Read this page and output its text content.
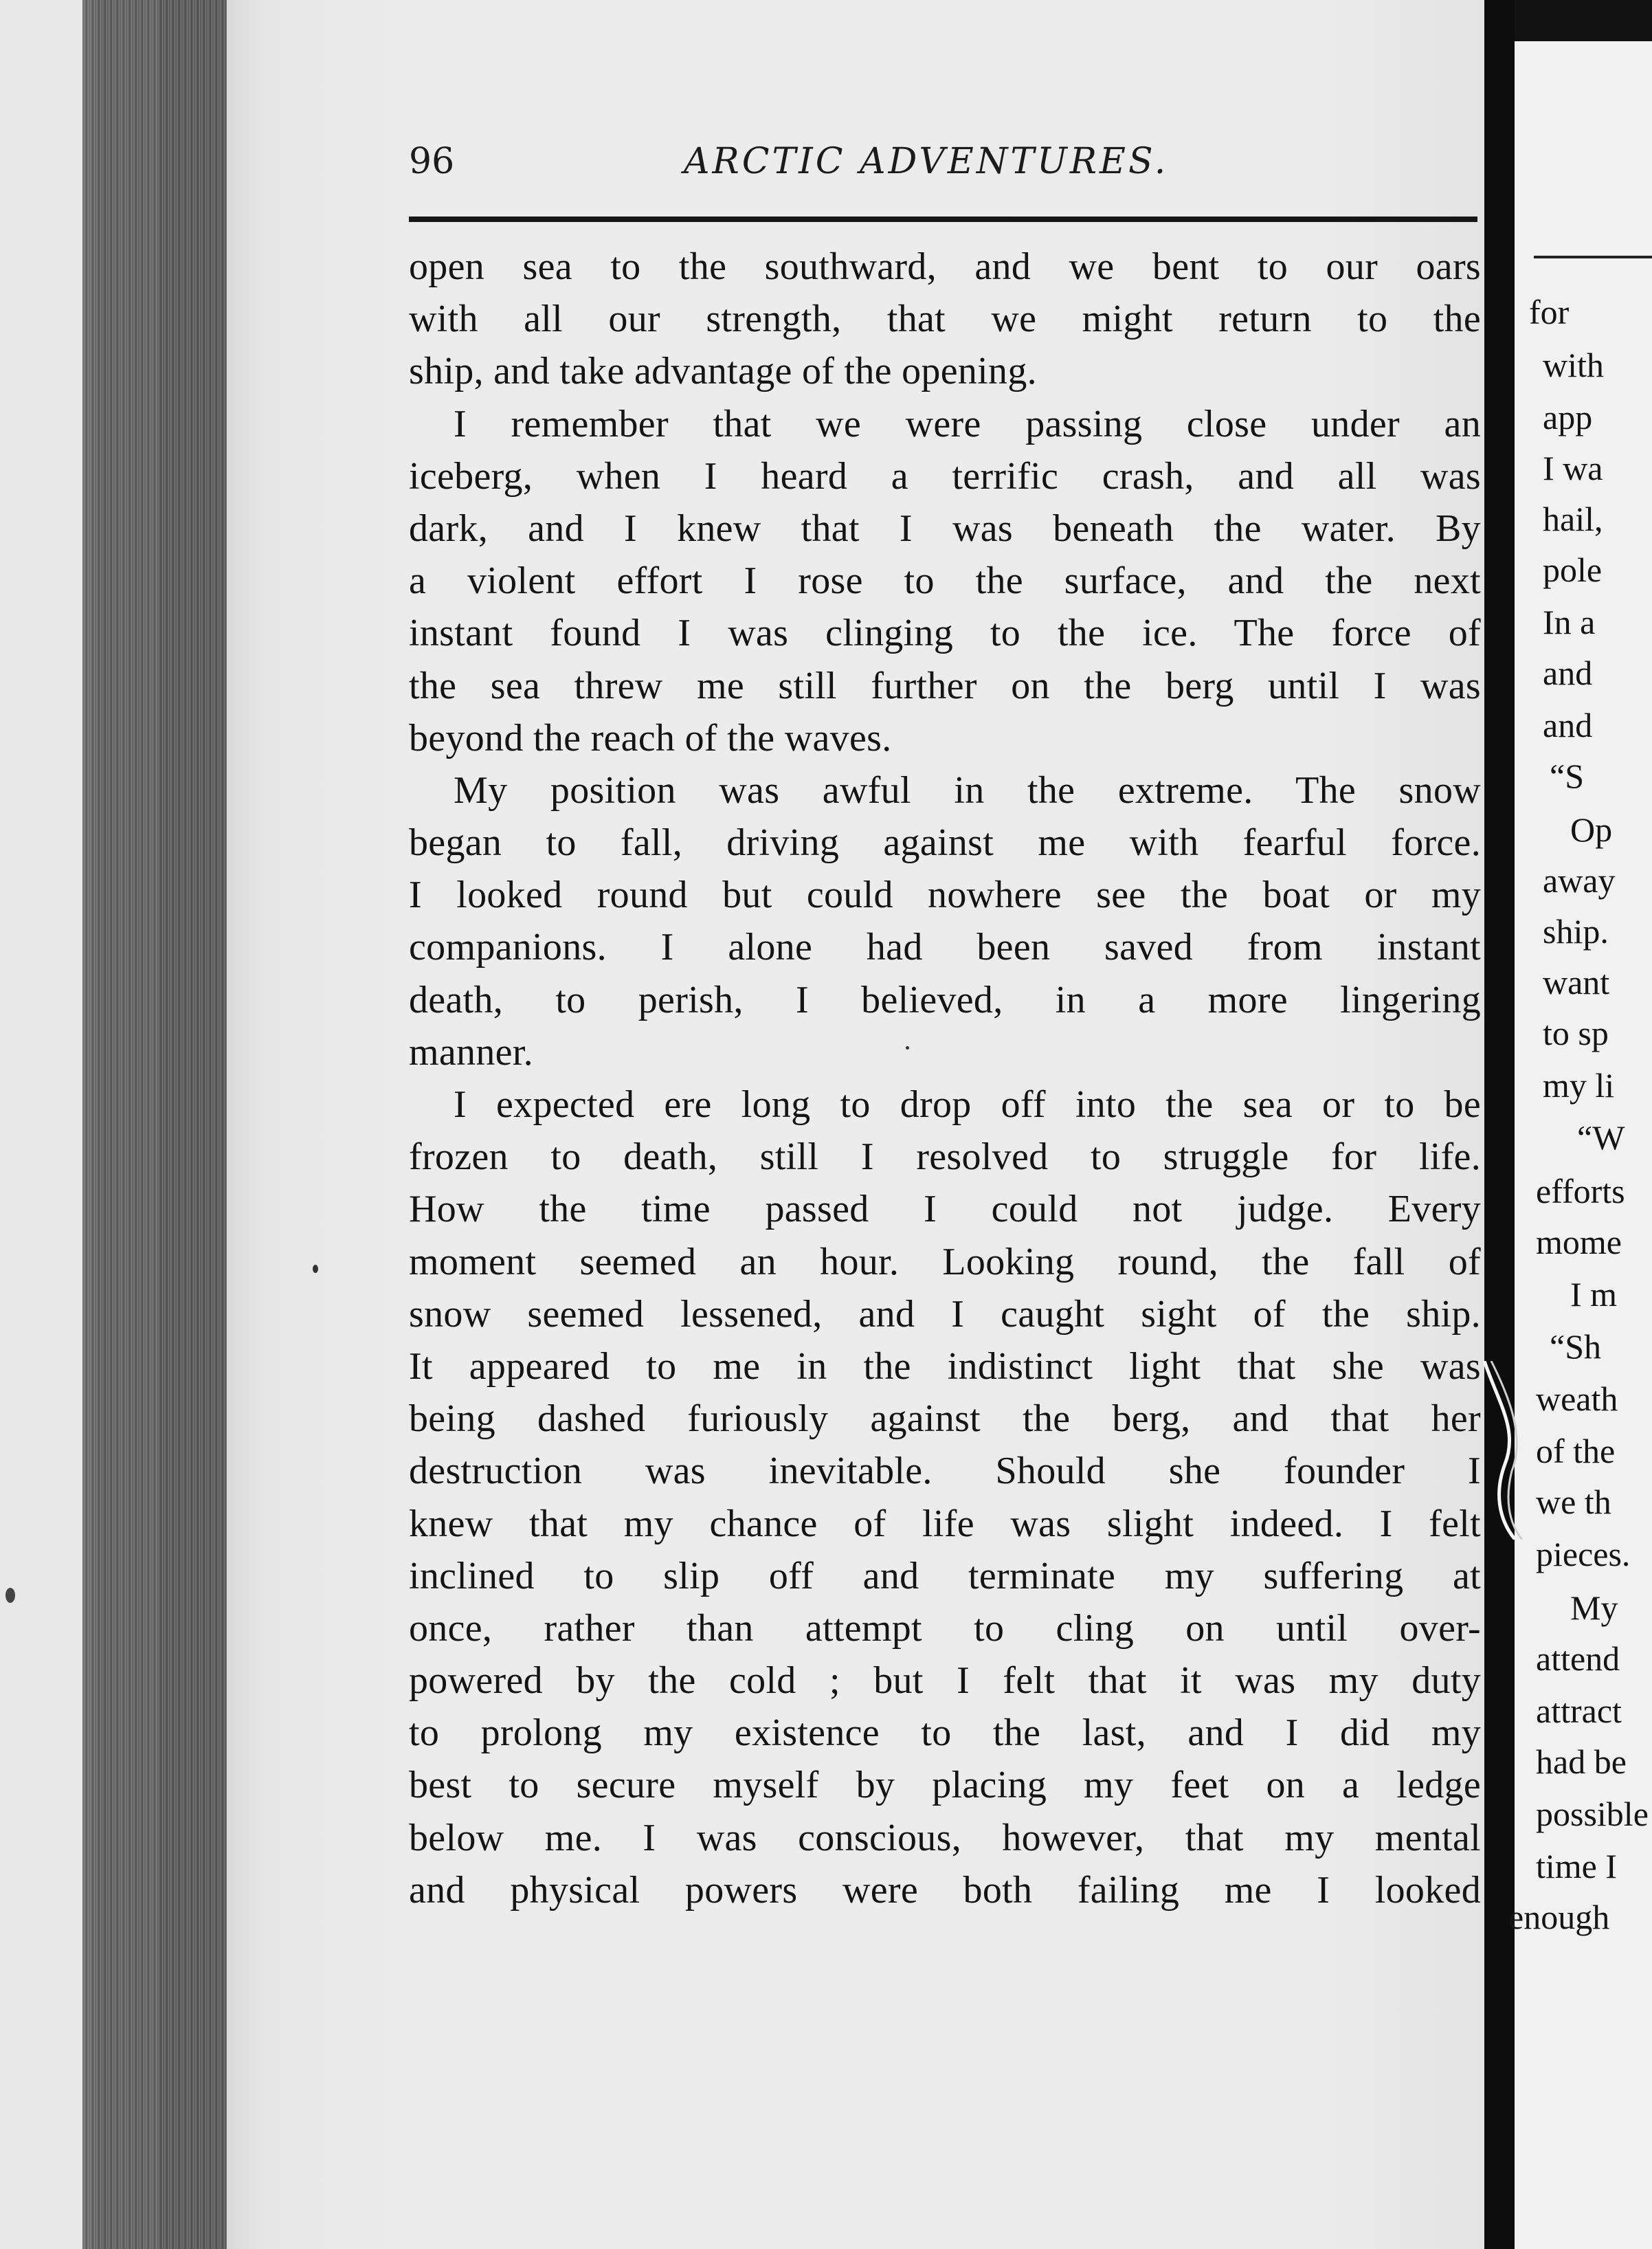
96	ARCTIC ADVENTURES.
open sea to the southward, and we bent to our oars
with all our strength, that we might return to the
ship, and take advantage of the opening.
I remember that we were passing close under an
iceberg, when I heard a terrific crash, and all was
dark, and I knew that I was beneath the water. By
a violent effort I rose to the surface, and the next
instant found I was clinging to the ice. The force of
the sea threw me still further on the berg until I was
beyond the reach of the waves.
My position was awful in the extreme. The snow
began to fall, driving against me with fearful force.
I looked round but could nowhere see the boat or my
companions. I alone had been saved from instant
death, to perish, I believed, in a more lingering
manner.
I expected ere long to drop off into the sea or to be
frozen to death, still I resolved to struggle for life.
How the time passed I could not judge. Every
moment seemed an hour. Looking round, the fall of
snow seemed lessened, and I caught sight of the ship.
It appeared to me in the indistinct light that she was
being dashed furiously against the berg, and that her
destruction was inevitable. Should she founder I
knew that my chance of life was slight indeed. I felt
inclined to slip off and terminate my suffering at
once, rather than attempt to cling on until over-
powered by the cold ; but I felt that it was my duty
to prolong my existence to the last, and I did my
best to secure myself by placing my feet on a ledge
below me. I was conscious, however, that my mental
and physical powers were both failing me I looked
for
with
app
I wa
hail,
pole
In a
and
and
“S
Op
away
ship.
want
to sp
my li
“W
efforts
mome
I m
“Sh
weath
of the
we th
pieces.
My
attend
attract
had be
possible
time I
enough
